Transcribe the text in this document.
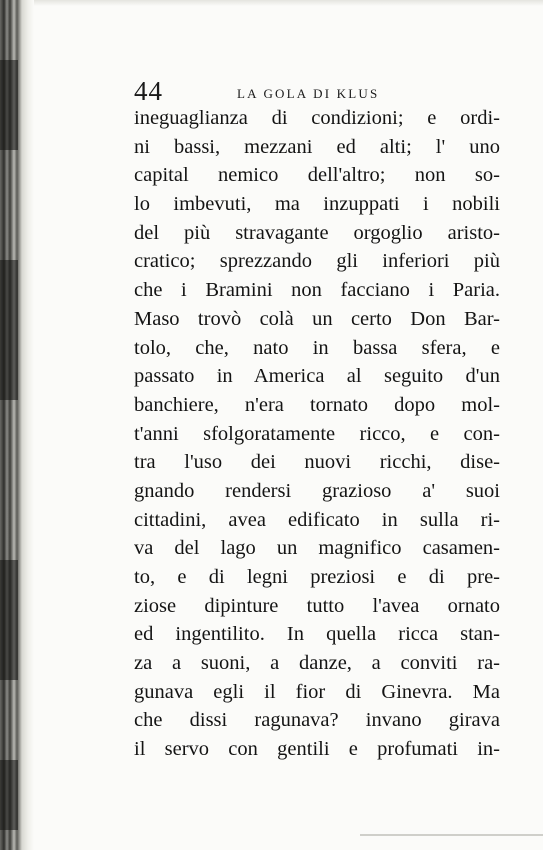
44	LA GOLA DI KLUS
ineguaglianza di condizioni; e ordi-
ni bassi, mezzani ed alti; l' uno
capital nemico dell'altro; non so-
lo imbevuti, ma inzuppati i nobili
del più stravagante orgoglio aristo-
cratico; sprezzando gli inferiori più
che i Bramini non facciano i Paria.
Maso trovò colà un certo Don Bar-
tolo, che, nato in bassa sfera, e
passato in America al seguito d'un
banchiere, n'era tornato dopo mol-
t'anni sfolgoratamente ricco, e con-
tra l'uso dei nuovi ricchi, dise-
gnando rendersi grazioso a' suoi
cittadini, avea edificato in sulla ri-
va del lago un magnifico casamen-
to, e di legni preziosi e di pre-
ziose dipinture tutto l'avea ornato
ed ingentilito. In quella ricca stan-
za a suoni, a danze, a conviti ra-
gunava egli il fior di Ginevra. Ma
che dissi ragunava? invano girava
il servo con gentili e profumati in-
